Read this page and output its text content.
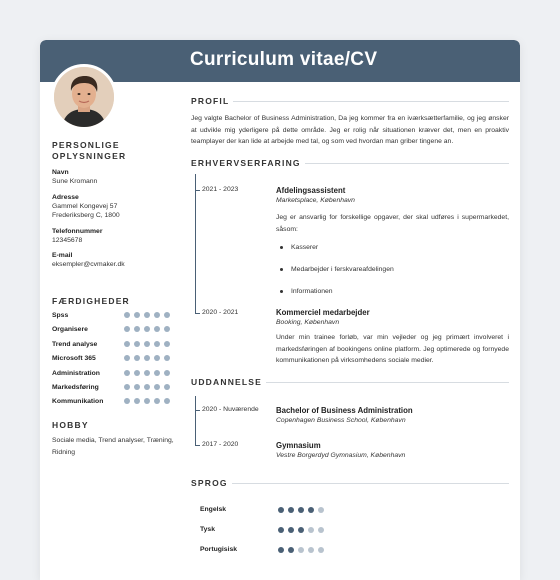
Curriculum vitae/CV
PERSONLIGE OPLYSNINGER
Navn
Sune Kromann
Adresse
Gammel Kongevej 57
Frederiksberg C, 1800
Telefonnummer
12345678
E-mail
eksempler@cvmaker.dk
FÆRDIGHEDER
Spss
Organisere
Trend analyse
Microsoft 365
Administration
Markedsføring
Kommunikation
HOBBY
Sociale media, Trend analyser, Træning, Ridning
PROFIL
Jeg valgte Bachelor of Business Administration, Da jeg kommer fra en iværksætterfamilie, og jeg ønsker at udvikle mig yderligere på dette område. Jeg er rolig når situationen kræver det, men en proaktiv teamplayer der kan lide at arbejde med tal, og som ved hvordan man griber tingene an.
ERHVERVSERFARING
2021 - 2023	Afdelingsassistent
Marketsplace, København
Jeg er ansvarlig for forskellige opgaver, der skal udføres i supermarkedet, såsom:
Kasserer
Medarbejder i ferskvareafdelingen
Informationen
2020 - 2021	Kommerciel medarbejder
Booking, København
Under min trainee forløb, var min vejleder og jeg primært involveret i markedsføringen af bookingens online platform. Jeg optimerede og fornyede kommunikationen på virksomhedens sociale medier.
UDDANNELSE
2020 - Nuværende Bachelor of Business Administration
Copenhagen Business School, København
2017 - 2020	Gymnasium
Vestre Borgerdyd Gymnasium, København
SPROG
Engelsk
Tysk
Portugisisk
